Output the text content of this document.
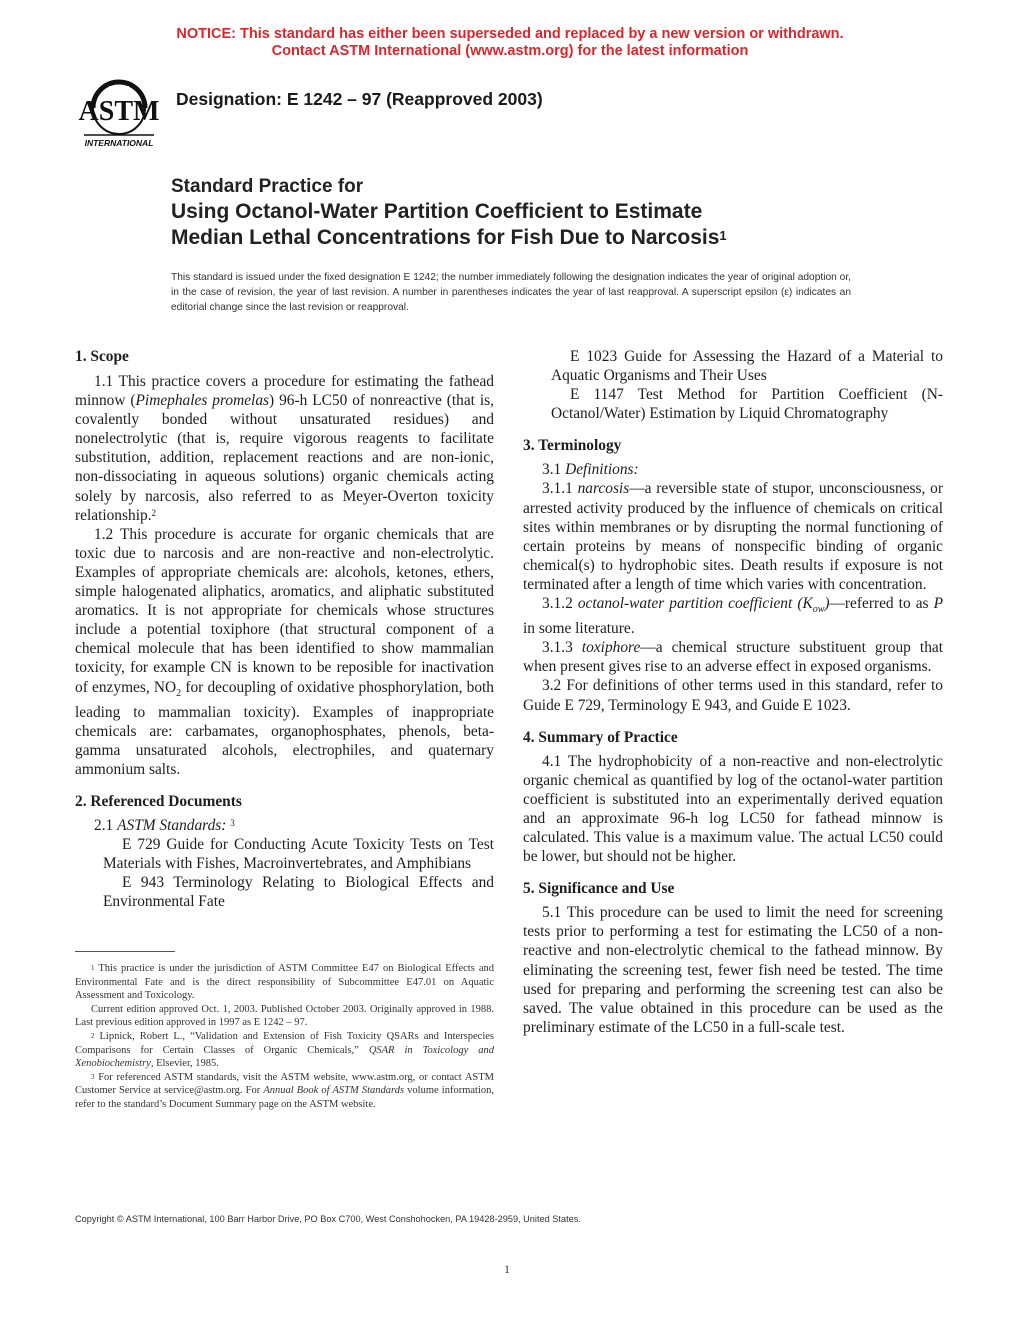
NOTICE: This standard has either been superseded and replaced by a new version or withdrawn.
Contact ASTM International (www.astm.org) for the latest information
ASTM
INTERNATIONAL
Designation: E 1242 – 97 (Reapproved 2003)
Standard Practice for
Using Octanol-Water Partition Coefficient to Estimate
Median Lethal Concentrations for Fish Due to Narcosis$^1$
This standard is issued under the fixed designation E 1242; the number immediately following the designation indicates the year of original adoption or, in the case of revision, the year of last revision. A number in parentheses indicates the year of last reapproval. A superscript epsilon (ε) indicates an editorial change since the last revision or reapproval.
1. Scope

1.1 This practice covers a procedure for estimating the fathead minnow (Pimephales promelas) 96-h LC50 of nonreactive (that is, covalently bonded without unsaturated residues) and nonelectrolytic (that is, require vigorous reagents to facilitate substitution, addition, replacement reactions and are non-ionic, non-dissociating in aqueous solutions) organic chemicals acting solely by narcosis, also referred to as Meyer-Overton toxicity relationship.$^2$

1.2 This procedure is accurate for organic chemicals that are toxic due to narcosis and are non-reactive and non-electrolytic. Examples of appropriate chemicals are: alcohols, ketones, ethers, simple halogenated aliphatics, aromatics, and aliphatic substituted aromatics. It is not appropriate for chemicals whose structures include a potential toxiphore (that structural component of a chemical molecule that has been identified to show mammalian toxicity, for example CN is known to be reposible for inactivation of enzymes, $NO_2$ for decoupling of oxidative phosphorylation, both leading to mammalian toxicity). Examples of inappropriate chemicals are: carbamates, organophosphates, phenols, beta-gamma unsaturated alcohols, electrophiles, and quaternary ammonium salts.

2. Referenced Documents

2.1 ASTM Standards: $^3$

E 729 Guide for Conducting Acute Toxicity Tests on Test Materials with Fishes, Macroinvertebrates, and Amphibians

E 943 Terminology Relating to Biological Effects and Environmental Fate

E 1023 Guide for Assessing the Hazard of a Material to Aquatic Organisms and Their Uses

E 1147 Test Method for Partition Coefficient (N-Octanol/Water) Estimation by Liquid Chromatography

3. Terminology

3.1 Definitions:

3.1.1 narcosis—a reversible state of stupor, unconsciousness, or arrested activity produced by the influence of chemicals on critical sites within membranes or by disrupting the normal functioning of certain proteins by means of nonspecific binding of organic chemical(s) to hydrophobic sites. Death results if exposure is not terminated after a length of time which varies with concentration.

3.1.2 octanol-water partition coefficient $(K_{ow})—referred$ to as P in some literature.

3.1.3 toxiphore—a chemical structure substituent group that when present gives rise to an adverse effect in exposed organisms.

3.2 For definitions of other terms used in this standard, refer to Guide E 729, Terminology E 943, and Guide E 1023.

4. Summary of Practice

4.1 The hydrophobicity of a non-reactive and non-electrolytic organic chemical as quantified by log of the octanol-water partition coefficient is substituted into an experimentally derived equation and an approximate 96-h log LC50 for fathead minnow is calculated. This value is a maximum value. The actual LC50 could be lower, but should not be higher.

5. Significance and Use

5.1 This procedure can be used to limit the need for screening tests prior to performing a test for estimating the LC50 of a non-reactive and non-electrolytic chemical to the fathead minnow. By eliminating the screening test, fewer fish need be tested. The time used for preparing and performing the screening test can also be saved. The value obtained in this procedure can be used as the preliminary estimate of the LC50 in a full-scale test.

$^1$ This practice is under the jurisdiction of ASTM Committee E47 on Biological Effects and Environmental Fate and is the direct responsibility of Subcommittee E47.01 on Aquatic Assessment and Toxicology.

Current edition approved Oct. 1, 2003. Published October 2003. Originally approved in 1988. Last previous edition approved in 1997 as E 1242 – 97.

$^2$ Lipnick, Robert L., “Validation and Extension of Fish Toxicity QSARs and Interspecies Comparisons for Certain Classes of Organic Chemicals,” QSAR in Toxicology and Xenobiochemistry, Elsevier, 1985.

$^3$ For referenced ASTM standards, visit the ASTM website, www.astm.org, or contact ASTM Customer Service at service@astm.org. For Annual Book of ASTM Standards volume information, refer to the standard’s Document Summary page on the ASTM website.

Copyright © ASTM International, 100 Barr Harbor Drive, PO Box C700, West Conshohocken, PA 19428-2959, United States.
1
